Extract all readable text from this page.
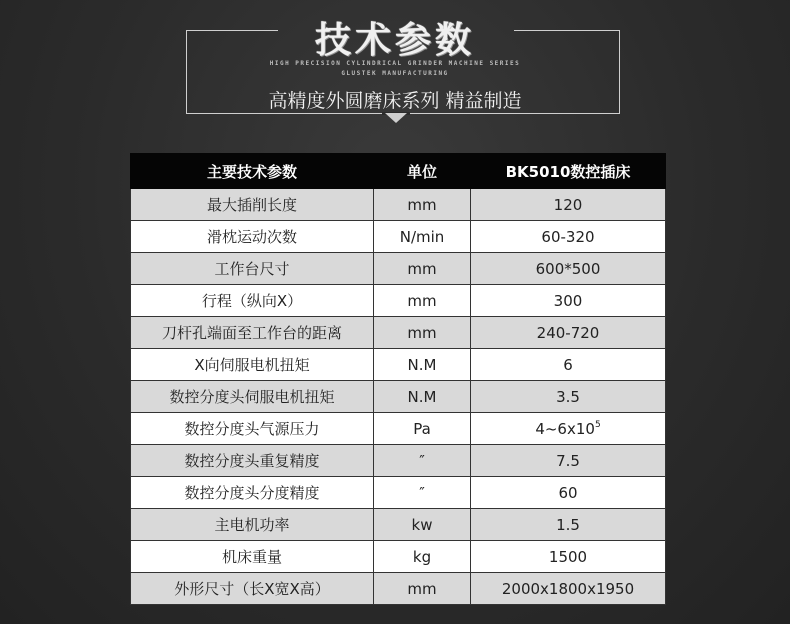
技术参数
HIGH PRECISION CYLINDRICAL GRINDER MACHINE SERIES
GLUSTEK MANUFACTURING
高精度外圆磨床系列 精益制造
主要技术参数	单位	BK5010数控插床
最大插削长度	mm	120
滑枕运动次数	N/min	60-320
工作台尺寸	mm	600*500
行程（纵向X）	mm	300
刀杆孔端面至工作台的距离	mm	240-720
X向伺服电机扭矩	N.M	6
数控分度头伺服电机扭矩	N.M	3.5
数控分度头气源压力	Pa	$4\sim 6x10^5$
数控分度头重复精度	″	7.5
数控分度头分度精度	″	60
主电机功率	kw	1.5
机床重量	kg	1500
外形尺寸（长X宽X高）	mm	2000x1800x1950
